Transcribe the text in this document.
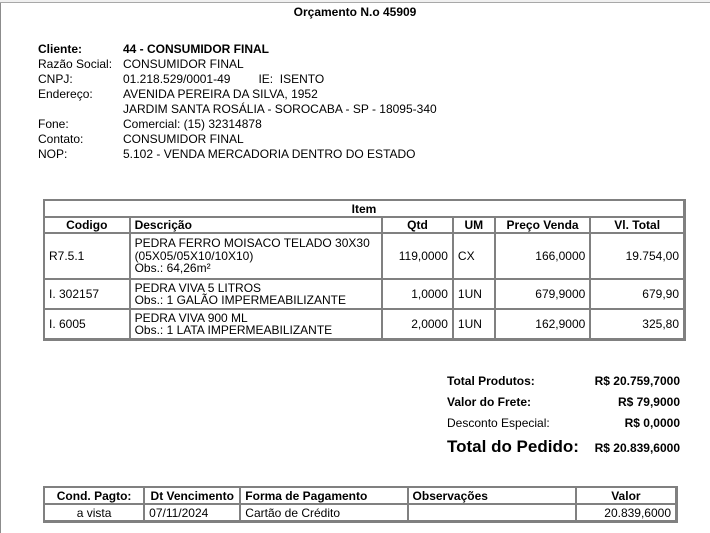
Orçamento N.o 45909
Cliente:	44 - CONSUMIDOR FINAL
Razão Social: CONSUMIDOR FINAL
CNPJ:	01.218.529/0001-49 IE: ISENTO
Endereço:	AVENIDA PEREIRA DA SILVA, 1952
JARDIM SANTA ROSÁLIA - SOROCABA - SP - 18095-340
Fone:	Comercial: (15) 32314878
Contato:	CONSUMIDOR FINAL
NOP:	5.102 - VENDA MERCADORIA DENTRO DO ESTADO
Item					
Codigo	Descrição	Qtd	UM	Preço Venda	Vl. Total
R7.5.1	PEDRA FERRO MOISACO TELADO 30X30
(05X05/05X10/10X10)
Obs.: 64,26m²	119,0000	CX	166,0000	19.754,00
I. 302157	PEDRA VIVA 5 LITROS
Obs.: 1 GALÃO IMPERMEABILIZANTE	1,0000	1UN	679,9000	679,90
I. 6005	PEDRA VIVA 900 ML
Obs.: 1 LATA IMPERMEABILIZANTE	2,0000	1UN	162,9000	325,80
Total Produtos:	R$ 20.759,7000
Valor do Frete:	R$ 79,9000
Desconto Especial:	R$ 0,0000
Total do Pedido: R$ 20.839,6000
Cond. Pagto:	Dt Vencimento	Forma de Pagamento	Observações	Valor
a vista	07/11/2024	Cartão de Crédito		20.839,6000
